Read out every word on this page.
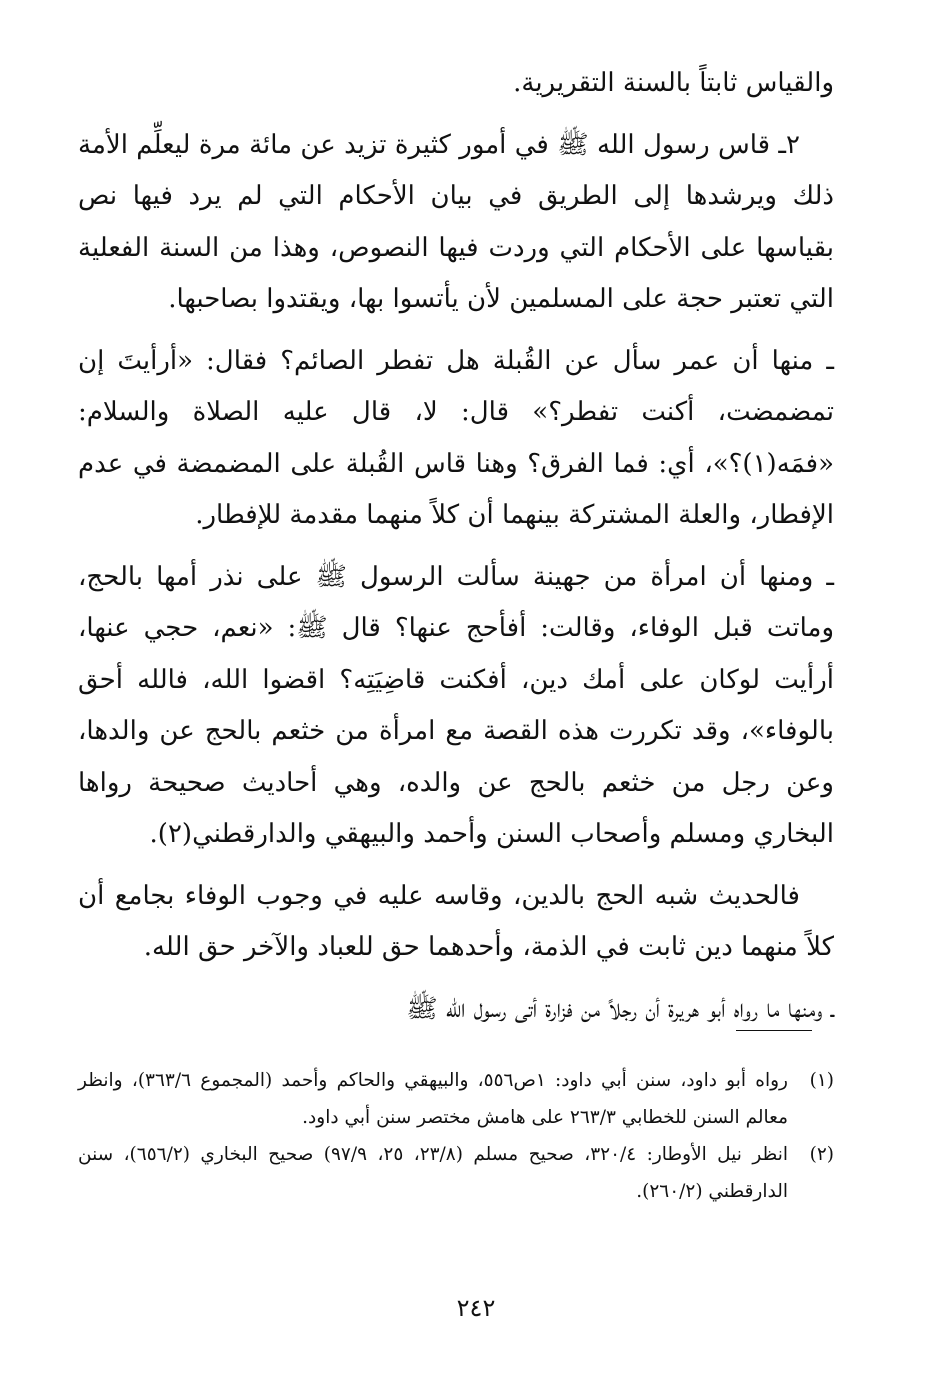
والقياس ثابتاً بالسنة التقريرية.

٢ـ قاس رسول الله ﷺ في أمور كثيرة تزيد عن مائة مرة ليعلِّم الأمة ذلك ويرشدها إلى الطريق في بيان الأحكام التي لم يرد فيها نص بقياسها على الأحكام التي وردت فيها النصوص، وهذا من السنة الفعلية التي تعتبر حجة على المسلمين لأن يأتسوا بها، ويقتدوا بصاحبها.

ـ منها أن عمر سأل عن القُبلة هل تفطر الصائم؟ فقال: «أرأيتَ إن تمضمضت، أكنت تفطر؟» قال: لا، قال عليه الصلاة والسلام: «فمَه(١)؟»، أي: فما الفرق؟ وهنا قاس القُبلة على المضمضة في عدم الإفطار، والعلة المشتركة بينهما أن كلاً منهما مقدمة للإفطار.

ـ ومنها أن امرأة من جهينة سألت الرسول ﷺ على نذر أمها بالحج، وماتت قبل الوفاء، وقالت: أفأحج عنها؟ قال ﷺ: «نعم، حجي عنها، أرأيت لوكان على أمك دين، أفكنت قاضِيَتِه؟ اقضوا الله، فالله أحق بالوفاء»، وقد تكررت هذه القصة مع امرأة من خثعم بالحج عن والدها، وعن رجل من خثعم بالحج عن والده، وهي أحاديث صحيحة رواها البخاري ومسلم وأصحاب السنن وأحمد والبيهقي والدارقطني(٢).

فالحديث شبه الحج بالدين، وقاسه عليه في وجوب الوفاء بجامع أن كلاً منهما دين ثابت في الذمة، وأحدهما حق للعباد والآخر حق الله.

ـ ومنها ما رواه أبو هريرة أن رجلاً من فزارة أتى رسول الله ﷺ

(١)
رواه أبو داود، سنن أبي داود: ١ص٥٥٦، والبيهقي والحاكم وأحمد (المجموع ٣٦٣/٦)، وانظر معالم السنن للخطابي ٢٦٣/٣ على هامش مختصر سنن أبي داود.
(٢)
انظر نيل الأوطار: ٣٢٠/٤، صحيح مسلم (٢٣/٨، ٢٥، ٩٧/٩) صحيح البخاري (٦٥٦/٢)، سنن الدارقطني (٢٦٠/٢).
٢٤٢
